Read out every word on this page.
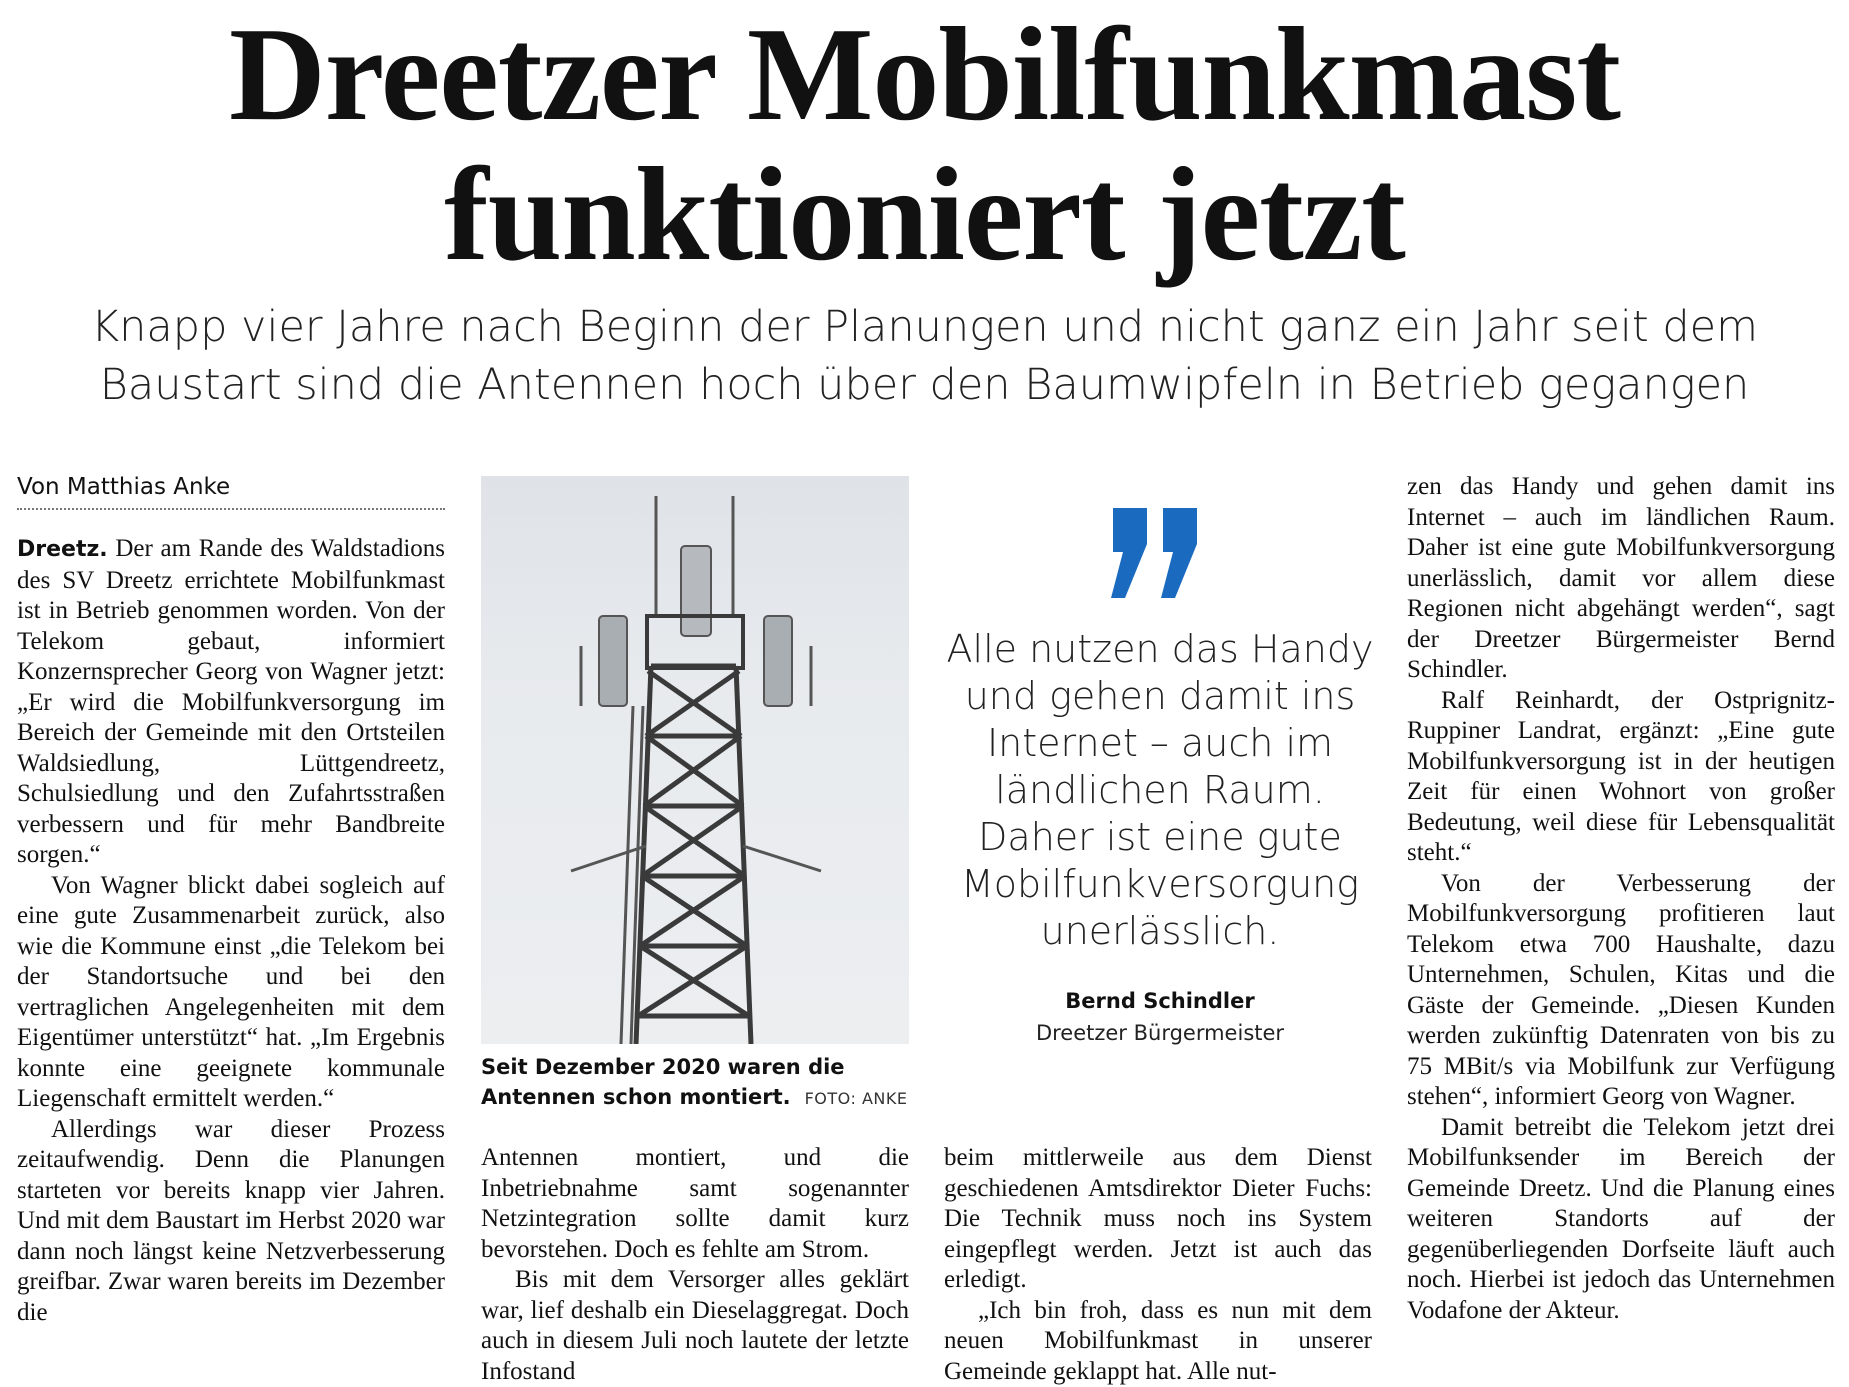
Dreetzer Mobilfunkmast
funktioniert jetzt
Knapp vier Jahre nach Beginn der Planungen und nicht ganz ein Jahr seit dem
Baustart sind die Antennen hoch über den Baumwipfeln in Betrieb gegangen
Von Matthias Anke

Dreetz. Der am Rande des Waldstadions des SV Dreetz errichtete Mobilfunkmast ist in Betrieb genommen worden. Von der Telekom gebaut, informiert Konzernsprecher Georg von Wagner jetzt: „Er wird die Mobilfunkversorgung im Bereich der Gemeinde mit den Ortsteilen Waldsiedlung, Lüttgendreetz, Schulsiedlung und den Zufahrtsstraßen verbessern und für mehr Bandbreite sorgen.“

Von Wagner blickt dabei sogleich auf eine gute Zusammenarbeit zurück, also wie die Kommune einst „die Telekom bei der Standortsuche und bei den vertraglichen Angelegenheiten mit dem Eigentümer unterstützt“ hat. „Im Ergebnis konnte eine geeignete kommunale Liegenschaft ermittelt werden.“

Allerdings war dieser Prozess zeitaufwendig. Denn die Planungen starteten vor bereits knapp vier Jahren. Und mit dem Baustart im Herbst 2020 war dann noch längst keine Netzverbesserung greifbar. Zwar waren bereits im Dezember die

Seit Dezember 2020 waren die
Antennen schon montiert. FOTO: ANKE

Antennen montiert, und die Inbetriebnahme samt sogenannter Netzintegration sollte damit kurz bevorstehen. Doch es fehlte am Strom.

Bis mit dem Versorger alles geklärt war, lief deshalb ein Dieselaggregat. Doch auch in diesem Juli noch lautete der letzte Infostand

Alle nutzen das Handy und gehen damit ins Internet – auch im ländlichen Raum. Daher ist eine gute Mobilfunkversorgung unerlässlich.
Bernd Schindler
Dreetzer Bürgermeister

beim mittlerweile aus dem Dienst geschiedenen Amtsdirektor Dieter Fuchs: Die Technik muss noch ins System eingepflegt werden. Jetzt ist auch das erledigt.

„Ich bin froh, dass es nun mit dem neuen Mobilfunkmast in unserer Gemeinde geklappt hat. Alle nut-

zen das Handy und gehen damit ins Internet – auch im ländlichen Raum. Daher ist eine gute Mobilfunkversorgung unerlässlich, damit vor allem diese Regionen nicht abgehängt werden“, sagt der Dreetzer Bürgermeister Bernd Schindler.

Ralf Reinhardt, der Ostprignitz-Ruppiner Landrat, ergänzt: „Eine gute Mobilfunkversorgung ist in der heutigen Zeit für einen Wohnort von großer Bedeutung, weil diese für Lebensqualität steht.“

Von der Verbesserung der Mobilfunkversorgung profitieren laut Telekom etwa 700 Haushalte, dazu Unternehmen, Schulen, Kitas und die Gäste der Gemeinde. „Diesen Kunden werden zukünftig Datenraten von bis zu 75 MBit/s via Mobilfunk zur Verfügung stehen“, informiert Georg von Wagner.

Damit betreibt die Telekom jetzt drei Mobilfunksender im Bereich der Gemeinde Dreetz. Und die Planung eines weiteren Standorts auf der gegenüberliegenden Dorfseite läuft auch noch. Hierbei ist jedoch das Unternehmen Vodafone der Akteur.
